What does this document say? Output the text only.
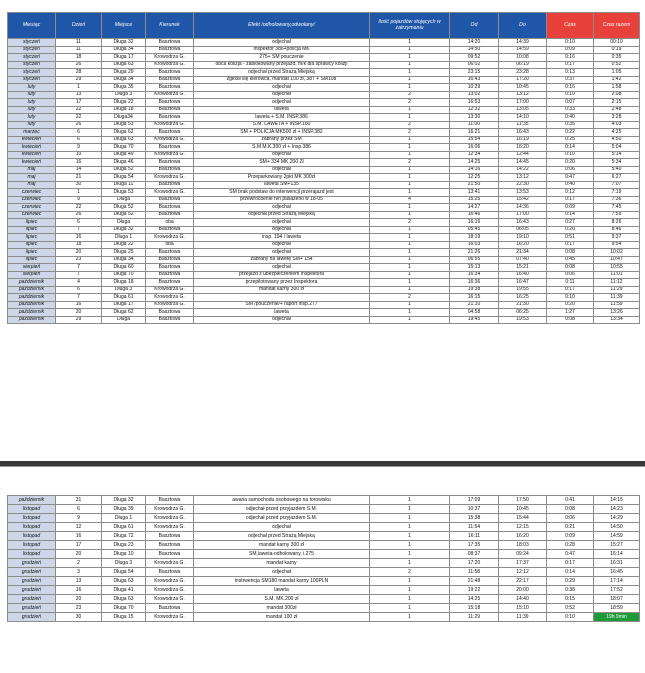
Miesiąc	Dzień	Miejsce	Kierunek	Efekt /odholowany,odwołany/	Ilość pojazdów stojących w zatrzymaniu	Od	Do	Czas	Czas razem
styczeń	11	Długa 32	Basztowa	odjechał	1	14:20	14:39	0:10	00:10
styczeń	11	Długa 34	Basztowa	Inspektor 386+policja MK	1	14:50	14:59	0:09	0:19
styczeń	18	Długa 17	Krowodrza G.	275+ SM pouczenie	1	09:52	10:08	0:16	0:35
styczeń	26	Długa 63	Krowodrza G.	obca kolizja - zablokowany przejazd, m/k dla sprawcy kolizji	1	06:02	06:19	0:17	0:52
styczeń	28	Długa 29	Basztowa	odjechał przed Strażą Miejską	1	23:15	23:28	0:13	1:05
styczeń	29	Długa 34	Basztowa	zgłosił się kierowca, mandat 100 zł, 387 + SM108	1	16:43	17:20	0:37	1:42
luty	1	Długa 35	Basztowa	odjechał	1	10:29	10:45	0:16	1:58
luty	13	Długa 3	Krowodrza G.	odjechał	2	13:02	13:12	0:10	2:08
luty	17	Długa 22	Basztowa	odjechał	2	16:53	17:00	0:07	2:15
luty	22	Długa 18	Basztowa	laweta	1	12:32	13:05	0:33	2:48
luty	22	Długa34	Basztowa	laweta + S.M. INSP.386	1	13:30	14:10	0:40	3:28
luty	26	Długa 53	Krowodrza G.	S.M. LAWETA + INSP.160	2	11:00	11:35	0:35	4:03
marzec	6	Długa 62	Basztowa	SM + POLICJA MK500 zł + INSP.382	2	16:21	16:43	0:22	4:25
kwiecień	6	Długa 63	Krowodrza G.	zabrany przez SM	1	15:54	16:19	0:25	4:50
kwiecień	9	Długa 70	Basztowa	S.M M.K.300 zł + Insp.386	1	16:06	16:20	0:14	5:04
kwiecień	10	Długa 49	Krowodrza G.	odjechał	1	12:34	12:44	0:10	5:14
kwiecień	16	Długa 46	Basztowa	SM+ 334 MK 200 Zł	2	14:25	14:45	0:20	5:34
maj	14	Długa 52	Basztowa	odjechał	1	14:16	14:22	0:06	5:40
maj	21	Długa 54	Krowodrza G.	Przeparkowany 2pkt MK 300zł	1	12:25	13:12	0:47	6:27
maj	30	Długa 11	Basztowa	laweta SM+135	1	21:50	22:30	0:40	7:07
czerwiec	1	Długa 53	Krowodrza G.	SM brak podstaw do interwencji przerajazd jest	1	13:41	13:53	0:12	7:19
czerwiec	9	Długa	Basztowa	przewróc8enie n/n pasażerki w 18-05	4	15:25	15:42	0:17	7:36
czerwiec	22	Długa 52	Basztowa	odjechał	1	14:27	14:36	0:09	7:45
czerwiec	26	Długa 52	Basztowa	odjechał przed Strażą Miejską	1	16:46	17:00	0:14	7:59
lipiec	6	Długa	oba	odjechał	2	16:16	16:43	0:27	8:26
lipiec	7	Długa 32	Basztowa	odjechał	1	05:45	06:05	0:20	8:46
lipiec	16	Długa 1	Krowodrza G.	insp. 194 / laweta	1	18:19	19:10	0:51	9:37
lipiec	18	Długa 22	oba	odjechał	1	16:03	16:20	0:17	9:54
lipiec	20	Długa 25	Basztowa	odjechał	1	21:26	21:34	0:08	10:02
lipiec	23	Długa 34	Basztowa	zabrany na lawetę SM+ 154	1	06:55	07:40	0:45	10:47
sierpień	7	Długa 60	Basztowa	odjechał	1	15:13	15:21	0:08	10:55
sierpień	7	Długa 70	Basztowa	przejazd z ubezpieczeniem Inspektora	1	16:34	16:40	0:06	11:01
październik	4	Długa 18	Basztowa	przepilotowany przez Inspektora	1	16:36	16:47	0:11	11:12
październik	6	Długa 3	Krowodrza G.	mandat karny 300 zł	1	19:38	19:55	0:17	11:29
październik	7	Długa 61	Krowodrza G.		2	16:15	16:25	0:10	11:39
październik	16	Długa 17	Krowodrza G.	SM /pouczenie/+ raport insp.277	1	21:10	21:30	0:20	11:59
październik	20	Długa 62	Basztowa	laweta	1	04:58	06:25	1:27	13:26
październik	29	Długa	Basztowa	odjechał	1	19:45	19:53	0:08	13:34
październik	31	Długa 32	Basztowa	awaria samochodu osobowego na torowisku	1	17:09	17:50	0:41	14:15
listopad	6	Długa 39	Krowodrza G.	odjechał przed przyjazdem S.M.	1	10:37	10:45	0:08	14:23
listopad	9	Długa 1	Krowodrza G.	odjechał przed przyjazdem S.M.	1	15:38	15:44	0:06	14:29
listopad	12	Długa 61	Krowodrza G.	odjechał	1	11:54	12:15	0:21	14:50
listopad	16	Długa 72	Basztowa	odjechał przed Strażą Miejską	1	16:11	16:20	0:09	14:59
listopad	17	Długa 23	Basztowa	mandat karny 300 zł	1	17:35	18:03	0:28	15:27
listopad	20	Długa 10	Basztowa	SM,laweta-odholowany, i.275	1	08:37	09:24	0:47	16:14
grudzień	2	Długa 3	Krowodrza G.	mandat karny	1	17:20	17:37	0:17	16:31
grudzień	3	Długa 54	Basztowa	odjechał	2	11:58	12:12	0:14	16:45
grudzień	13	Długa 63	Krowodrza G.	instrwencja SM180 mandat karny 100PLN	1	21:48	22:17	0:29	17:14
grudzień	16	Długa 41	Krowodrza G.	laweta	1	19:22	20:00	0:38	17:52
grudzień	20	Długa 63	Krowodrza G.	S.M. MK.200 zł	1	14:25	14:40	0:15	18:07
grudzień	23	Długa 70	Basztowa	mandat 300zł	1	15:18	15:10	0:52	18:59
grudzień	30	Długa 15	Krowodrza G.	mandat 100 zł	1	11:29	11:39	0:10	19h 9min
